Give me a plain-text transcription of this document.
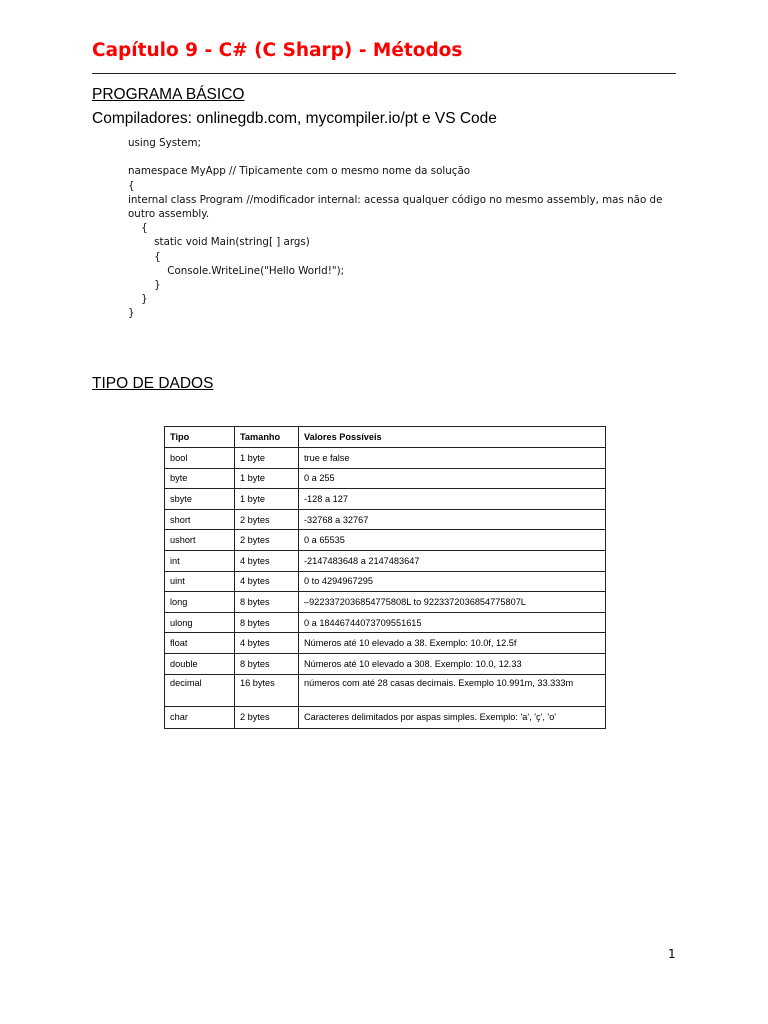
Capítulo 9 - C# (C Sharp) - Métodos
PROGRAMA BÁSICO
Compiladores: onlinegdb.com, mycompiler.io/pt e VS Code
using System;
namespace MyApp // Tipicamente com o mesmo nome da solução
{
internal class Program //modificador internal: acessa qualquer código no mesmo assembly, mas não de outro assembly.
{
static void Main(string[ ] args)
{
Console.WriteLine("Hello World!");
}
}
}
TIPO DE DADOS
Tipo	Tamanho	Valores Possíveis
bool	1 byte	true e false
byte	1 byte	0 a 255
sbyte	1 byte	-128 a 127
short	2 bytes	-32768 a 32767
ushort	2 bytes	0 a 65535
int	4 bytes	-2147483648 a 2147483647
uint	4 bytes	0 to 4294967295
long	8 bytes	–9223372036854775808L to 9223372036854775807L
ulong	8 bytes	0 a 18446744073709551615
float	4 bytes	Números até 10 elevado a 38. Exemplo: 10.0f, 12.5f
double	8 bytes	Números até 10 elevado a 308. Exemplo: 10.0, 12.33
decimal	16 bytes	números com até 28 casas decimais. Exemplo 10.991m, 33.333m
char	2 bytes	Caracteres delimitados por aspas simples. Exemplo: 'a', 'ç', 'o'
1
